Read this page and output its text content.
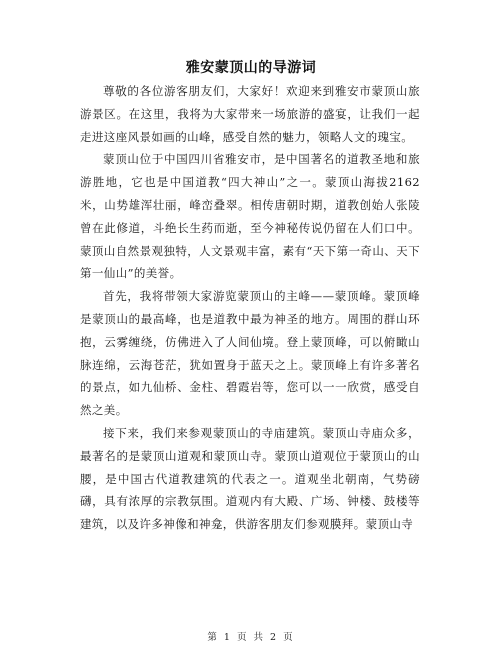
雅安蒙顶山的导游词

尊敬的各位游客朋友们，大家好！欢迎来到雅安市蒙顶山旅游景区。在这里，我将为大家带来一场旅游的盛宴，让我们一起走进这座风景如画的山峰，感受自然的魅力，领略人文的瑰宝。

蒙顶山位于中国四川省雅安市，是中国著名的道教圣地和旅游胜地，它也是中国道教“四大神山”之一。蒙顶山海拔2162米，山势雄浑壮丽，峰峦叠翠。相传唐朝时期，道教创始人张陵曾在此修道，斗绝长生药而逝，至今神秘传说仍留在人们口中。蒙顶山自然景观独特，人文景观丰富，素有“天下第一奇山、天下第一仙山”的美誉。

首先，我将带领大家游览蒙顶山的主峰——蒙顶峰。蒙顶峰是蒙顶山的最高峰，也是道教中最为神圣的地方。周围的群山环抱，云雾缠绕，仿佛进入了人间仙境。登上蒙顶峰，可以俯瞰山脉连绵，云海苍茫，犹如置身于蓝天之上。蒙顶峰上有许多著名的景点，如九仙桥、金柱、碧霞岩等，您可以一一欣赏，感受自然之美。

接下来，我们来参观蒙顶山的寺庙建筑。蒙顶山寺庙众多，最著名的是蒙顶山道观和蒙顶山寺。蒙顶山道观位于蒙顶山的山腰，是中国古代道教建筑的代表之一。道观坐北朝南，气势磅礴，具有浓厚的宗教氛围。道观内有大殿、广场、钟楼、鼓楼等建筑，以及许多神像和神龛，供游客朋友们参观膜拜。蒙顶山寺

第 1 页 共 2 页
